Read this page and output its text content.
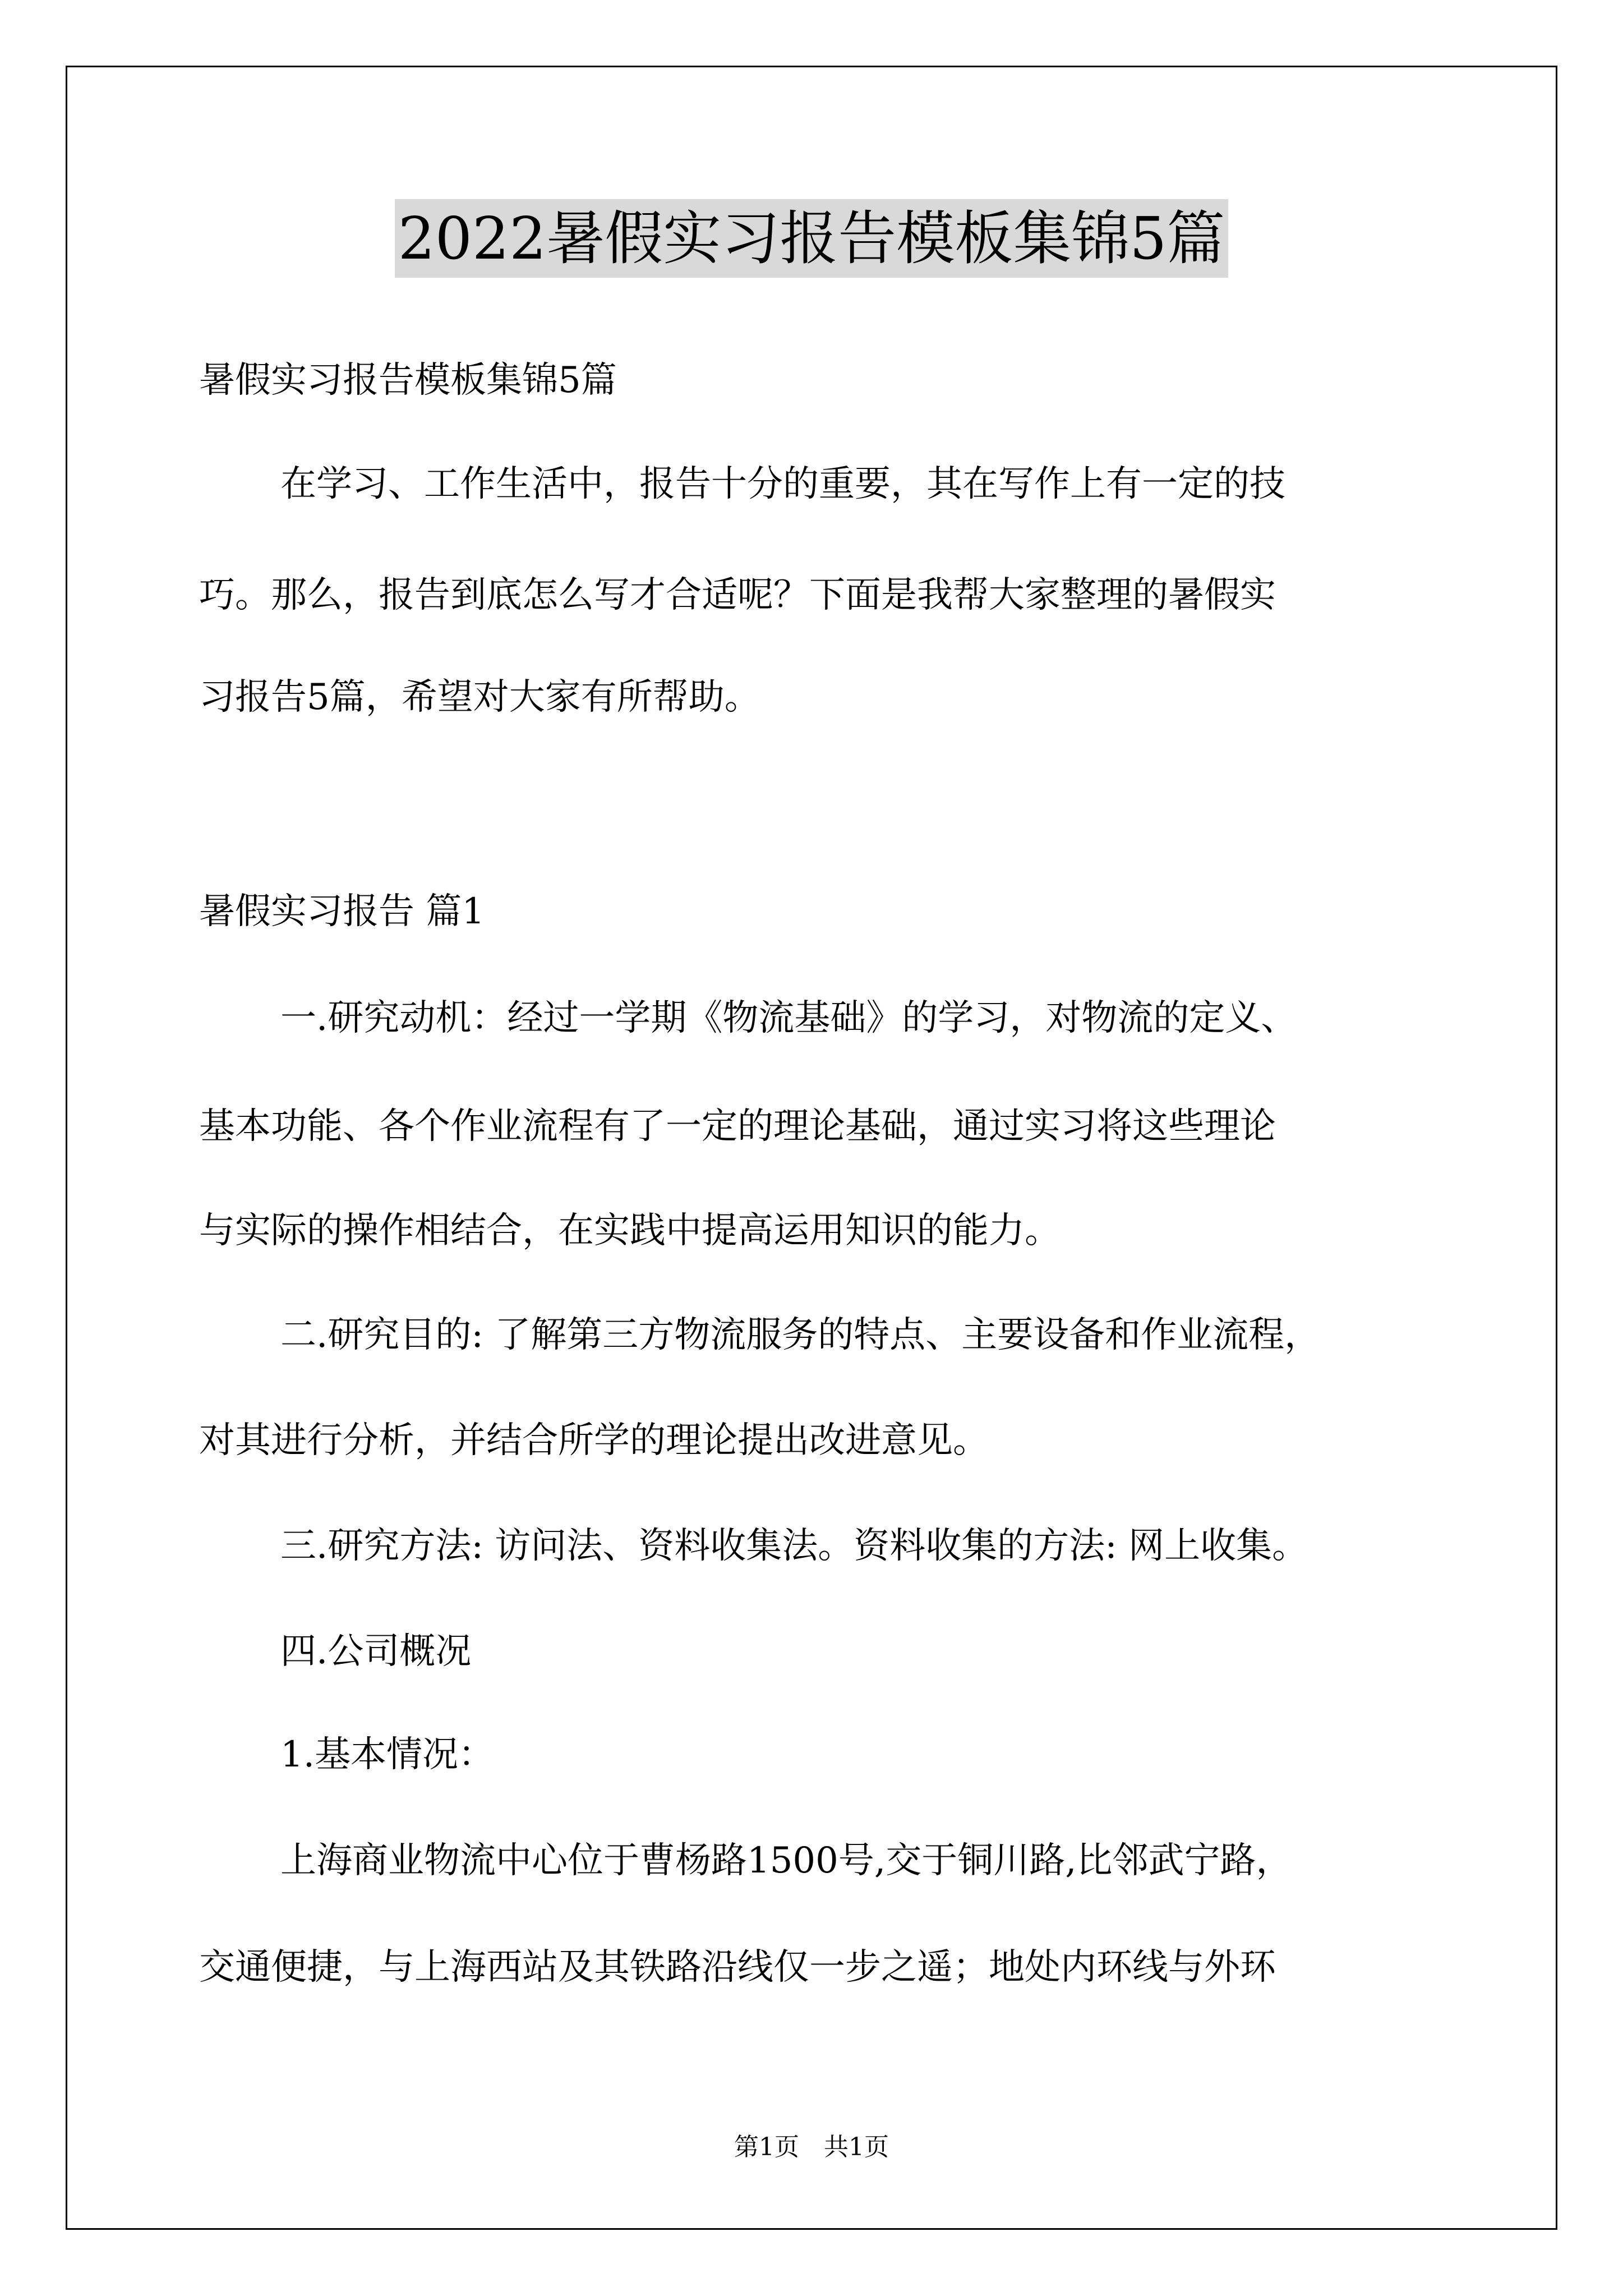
2022暑假实习报告模板集锦5篇
暑假实习报告模板集锦5篇
在学习、工作生活中，报告十分的重要，其在写作上有一定的技
巧。那么，报告到底怎么写才合适呢？下面是我帮大家整理的暑假实
习报告5篇，希望对大家有所帮助。
暑假实习报告 篇1
一.研究动机：经过一学期《物流基础》的学习，对物流的定义、
基本功能、各个作业流程有了一定的理论基础，通过实习将这些理论
与实际的操作相结合，在实践中提高运用知识的能力。
二.研究目的: 了解第三方物流服务的特点、主要设备和作业流程，
对其进行分析，并结合所学的理论提出改进意见。
三.研究方法: 访问法、资料收集法。资料收集的方法: 网上收集。
四.公司概况
1.基本情况：
上海商业物流中心位于曹杨路1500号,交于铜川路,比邻武宁路，
交通便捷，与上海西站及其铁路沿线仅一步之遥；地处内环线与外环
第1页　共1页
